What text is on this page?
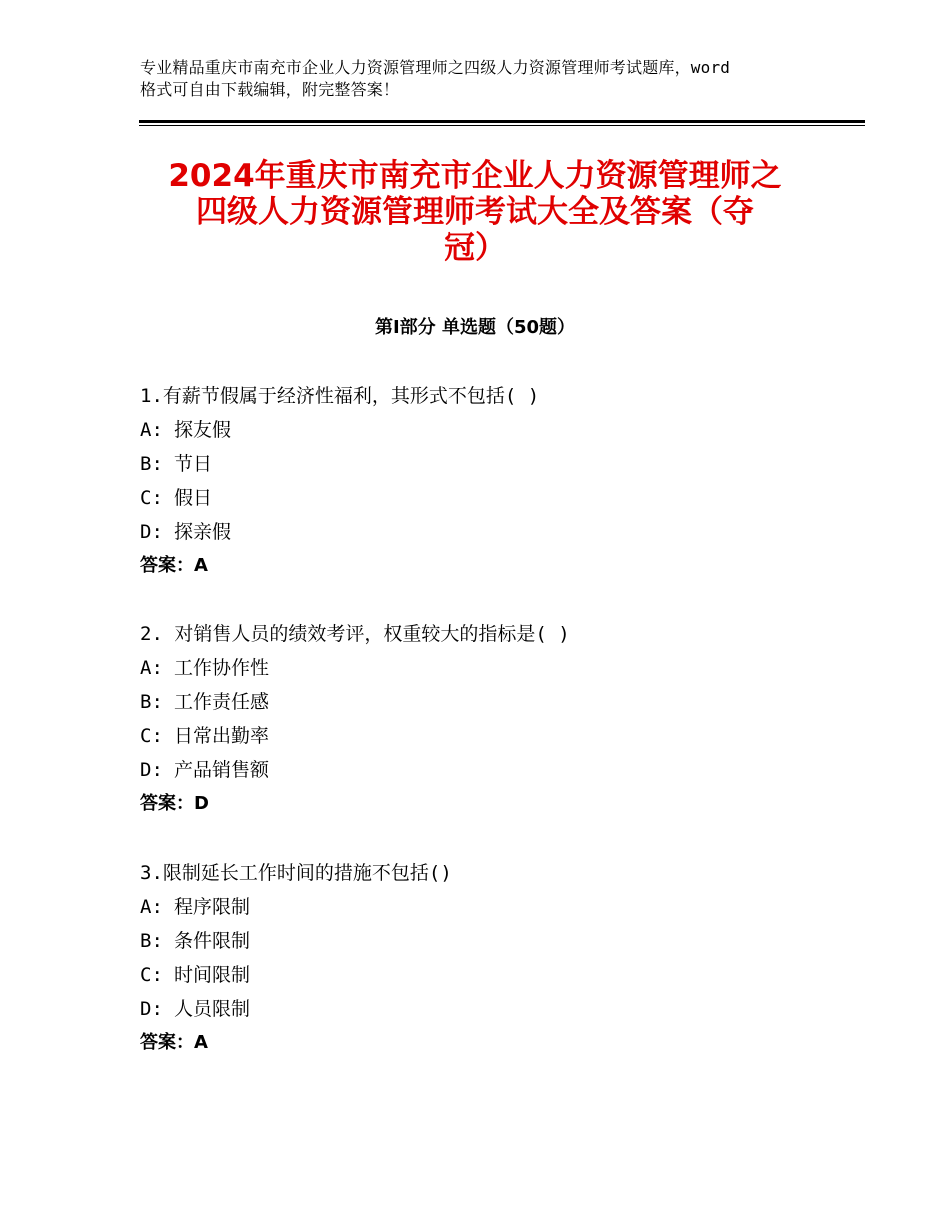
专业精品重庆市南充市企业人力资源管理师之四级人力资源管理师考试题库，word
格式可自由下载编辑，附完整答案！
2024年重庆市南充市企业人力资源管理师之
四级人力资源管理师考试大全及答案（夺
冠）
第Ⅰ部分 单选题（50题）
1.有薪节假属于经济性福利，其形式不包括( )
A: 探友假
B: 节日
C: 假日
D: 探亲假
答案：A
2. 对销售人员的绩效考评，权重较大的指标是( )
A: 工作协作性
B: 工作责任感
C: 日常出勤率
D: 产品销售额
答案：D
3.限制延长工作时间的措施不包括()
A: 程序限制
B: 条件限制
C: 时间限制
D: 人员限制
答案：A
